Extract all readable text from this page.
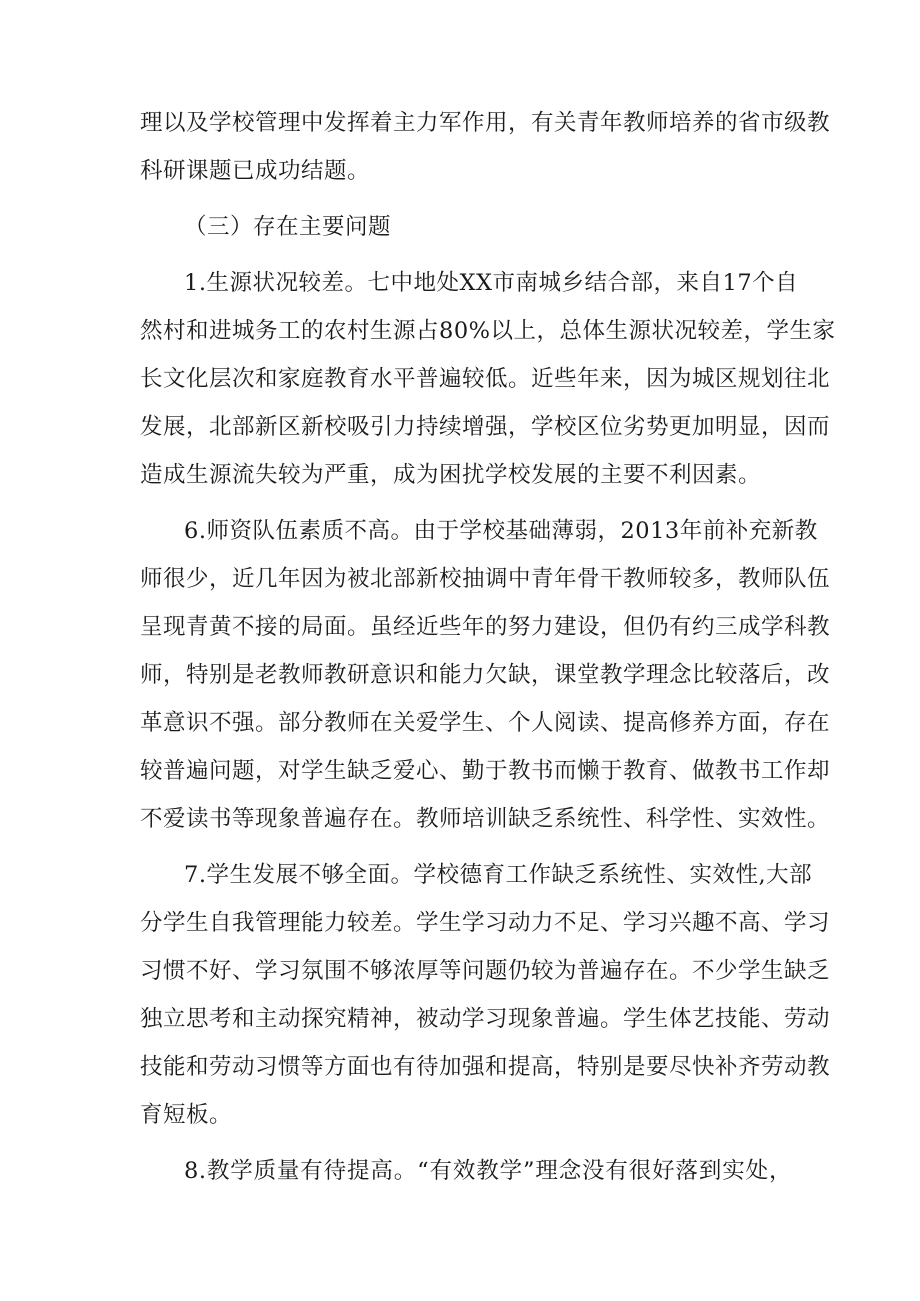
理以及学校管理中发挥着主力军作用，有关青年教师培养的省市级教
科研课题已成功结题。
（三）存在主要问题
1.生源状况较差。七中地处XX市南城乡结合部，来自17个自
然村和进城务工的农村生源占80%以上，总体生源状况较差，学生家
长文化层次和家庭教育水平普遍较低。近些年来，因为城区规划往北
发展，北部新区新校吸引力持续增强，学校区位劣势更加明显，因而
造成生源流失较为严重，成为困扰学校发展的主要不利因素。
6.师资队伍素质不高。由于学校基础薄弱，2013年前补充新教
师很少，近几年因为被北部新校抽调中青年骨干教师较多，教师队伍
呈现青黄不接的局面。虽经近些年的努力建设，但仍有约三成学科教
师，特别是老教师教研意识和能力欠缺，课堂教学理念比较落后，改
革意识不强。部分教师在关爱学生、个人阅读、提高修养方面，存在
较普遍问题，对学生缺乏爱心、勤于教书而懒于教育、做教书工作却
不爱读书等现象普遍存在。教师培训缺乏系统性、科学性、实效性。
7.学生发展不够全面。学校德育工作缺乏系统性、实效性,大部
分学生自我管理能力较差。学生学习动力不足、学习兴趣不高、学习
习惯不好、学习氛围不够浓厚等问题仍较为普遍存在。不少学生缺乏
独立思考和主动探究精神，被动学习现象普遍。学生体艺技能、劳动
技能和劳动习惯等方面也有待加强和提高，特别是要尽快补齐劳动教
育短板。
8.教学质量有待提高。“有效教学”理念没有很好落到实处，
